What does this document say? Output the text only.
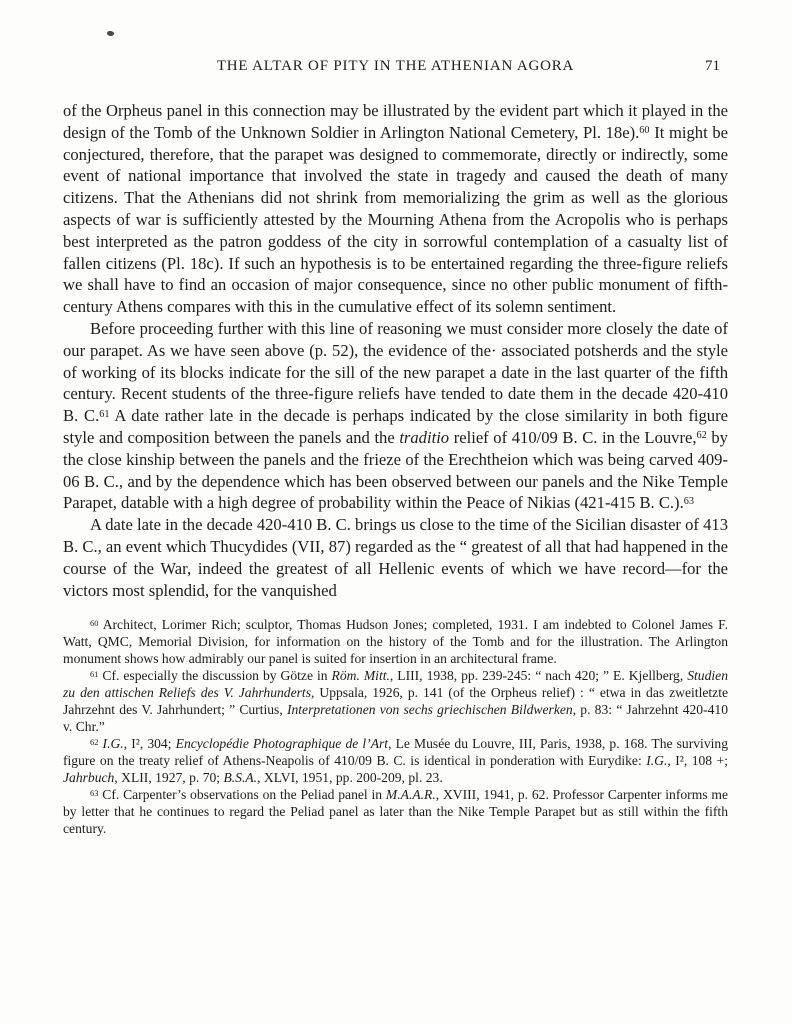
THE ALTAR OF PITY IN THE ATHENIAN AGORA	71

of the Orpheus panel in this connection may be illustrated by the evident part which it played in the design of the Tomb of the Unknown Soldier in Arlington National Cemetery, Pl. 18e).$^{60}$ It might be conjectured, therefore, that the parapet was designed to commemorate, directly or indirectly, some event of national importance that involved the state in tragedy and caused the death of many citizens. That the Athenians did not shrink from memorializing the grim as well as the glorious aspects of war is sufficiently attested by the Mourning Athena from the Acropolis who is perhaps best interpreted as the patron goddess of the city in sorrowful contemplation of a casualty list of fallen citizens (Pl. 18c). If such an hypothesis is to be entertained regarding the three-figure reliefs we shall have to find an occasion of major consequence, since no other public monument of fifth-century Athens compares with this in the cumulative effect of its solemn sentiment.

Before proceeding further with this line of reasoning we must consider more closely the date of our parapet. As we have seen above (p. 52), the evidence of the· associated potsherds and the style of working of its blocks indicate for the sill of the new parapet a date in the last quarter of the fifth century. Recent students of the three-figure reliefs have tended to date them in the decade 420-410 B. C.$^{61}$ A date rather late in the decade is perhaps indicated by the close similarity in both figure style and composition between the panels and the traditio relief of 410/09 B. C. in the Louvre,$^{62}$ by the close kinship between the panels and the frieze of the Erechtheion which was being carved 409-06 B. C., and by the dependence which has been observed between our panels and the Nike Temple Parapet, datable with a high degree of probability within the Peace of Nikias (421-415 B. C.).$^{63}$

A date late in the decade 420-410 B. C. brings us close to the time of the Sicilian disaster of 413 B. C., an event which Thucydides (VII, 87) regarded as the “ greatest of all that had happened in the course of the War, indeed the greatest of all Hellenic events of which we have record—for the victors most splendid, for the vanquished

$^{60}$ Architect, Lorimer Rich; sculptor, Thomas Hudson Jones; completed, 1931. I am indebted to Colonel James F. Watt, QMC, Memorial Division, for information on the history of the Tomb and for the illustration. The Arlington monument shows how admirably our panel is suited for insertion in an architectural frame.

$^{61}$ Cf. especially the discussion by Götze in Röm. Mitt., LIII, 1938, pp. 239-245: “ nach 420; ” E. Kjellberg, Studien zu den attischen Reliefs des V. Jahrhunderts, Uppsala, 1926, p. 141 (of the Orpheus relief) : “ etwa in das zweitletzte Jahrzehnt des V. Jahrhundert; ” Curtius, Interpretationen von sechs griechischen Bildwerken, p. 83: “ Jahrzehnt 420-410 v. Chr.”

$^{62}$ I.G., I², 304; Encyclopédie Photographique de l’Art, Le Musée du Louvre, III, Paris, 1938, p. 168. The surviving figure on the treaty relief of Athens-Neapolis of 410/09 B. C. is identical in ponderation with Eurydike: I.G., I², 108 +; Jahrbuch, XLII, 1927, p. 70; B.S.A., XLVI, 1951, pp. 200-209, pl. 23.

$^{63}$ Cf. Carpenter’s observations on the Peliad panel in M.A.A.R., XVIII, 1941, p. 62. Professor Carpenter informs me by letter that he continues to regard the Peliad panel as later than the Nike Temple Parapet but as still within the fifth century.
